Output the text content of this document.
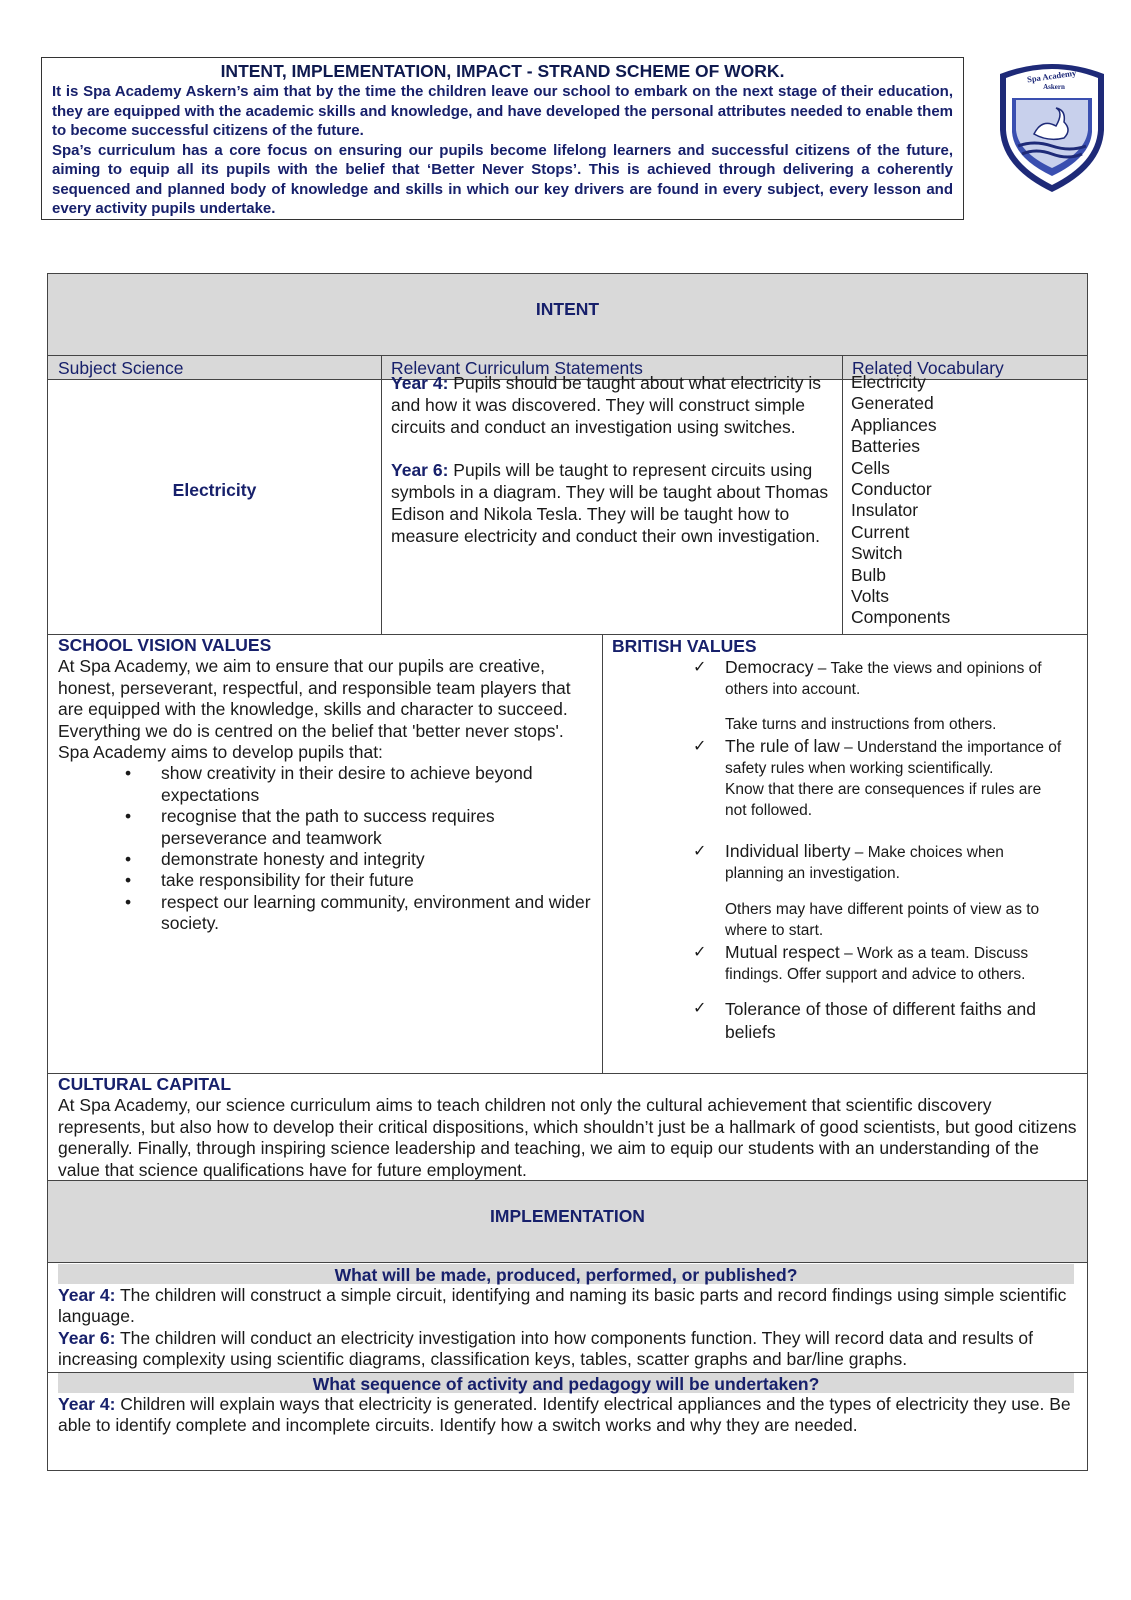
INTENT, IMPLEMENTATION, IMPACT - STRAND SCHEME OF WORK.

It is Spa Academy Askern’s aim that by the time the children leave our school to embark on the next stage of their education, they are equipped with the academic skills and knowledge, and have developed the personal attributes needed to enable them to become successful citizens of the future.

Spa’s curriculum has a core focus on ensuring our pupils become lifelong learners and successful citizens of the future, aiming to equip all its pupils with the belief that ‘Better Never Stops’. This is achieved through delivering a coherently sequenced and planned body of knowledge and skills in which our key drivers are found in every subject, every lesson and every activity pupils undertake.

Spa Academy
Askern
INTENT
Subject Science	Relevant Curriculum Statements	Related Vocabulary
Electricity
Year 4: Pupils should be taught about what electricity is and how it was discovered. They will construct simple circuits and conduct an investigation using switches.
Year 6: Pupils will be taught to represent circuits using symbols in a diagram. They will be taught about Thomas Edison and Nikola Tesla. They will be taught how to measure electricity and conduct their own investigation.
Electricity
Generated
Appliances
Batteries
Cells
Conductor
Insulator
Current
Switch
Bulb
Volts
Components
SCHOOL VISION VALUES
At Spa Academy, we aim to ensure that our pupils are creative, honest, perseverant, respectful, and responsible team players that are equipped with the knowledge, skills and character to succeed.
Everything we do is centred on the belief that 'better never stops'. Spa Academy aims to develop pupils that:
• show creativity in their desire to achieve beyond expectations
• recognise that the path to success requires perseverance and teamwork
• demonstrate honesty and integrity
• take responsibility for their future
• respect our learning community, environment and wider society.
BRITISH VALUES
✓ Democracy – Take the views and opinions of others into account.
Take turns and instructions from others.
✓ The rule of law – Understand the importance of safety rules when working scientifically.
Know that there are consequences if rules are not followed.
✓ Individual liberty – Make choices when planning an investigation.
Others may have different points of view as to where to start.
✓ Mutual respect – Work as a team. Discuss findings. Offer support and advice to others.
✓ Tolerance of those of different faiths and beliefs
CULTURAL CAPITAL
At Spa Academy, our science curriculum aims to teach children not only the cultural achievement that scientific discovery represents, but also how to develop their critical dispositions, which shouldn’t just be a hallmark of good scientists, but good citizens generally. Finally, through inspiring science leadership and teaching, we aim to equip our students with an understanding of the value that science qualifications have for future employment.
IMPLEMENTATION
What will be made, produced, performed, or published?
Year 4: The children will construct a simple circuit, identifying and naming its basic parts and record findings using simple scientific language.
Year 6: The children will conduct an electricity investigation into how components function. They will record data and results of increasing complexity using scientific diagrams, classification keys, tables, scatter graphs and bar/line graphs.
What sequence of activity and pedagogy will be undertaken?
Year 4: Children will explain ways that electricity is generated. Identify electrical appliances and the types of electricity they use. Be able to identify complete and incomplete circuits. Identify how a switch works and why they are needed.
